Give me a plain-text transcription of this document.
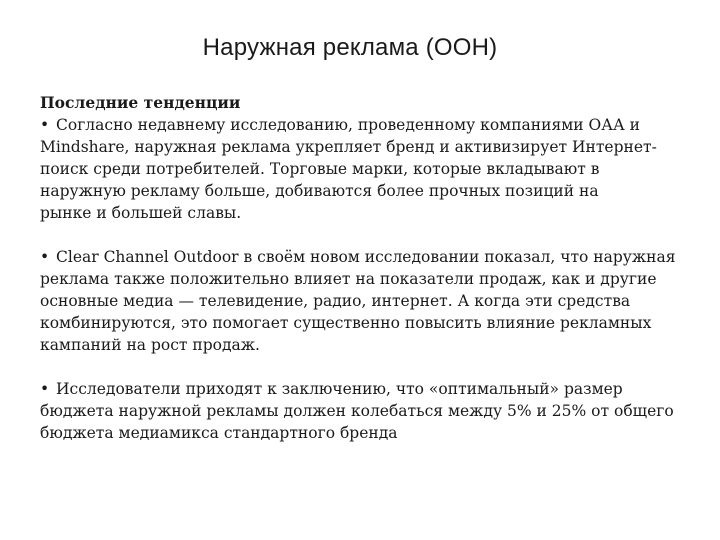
Наружная реклама (ООН)

Последние тенденции

• Согласно недавнему исследованию, проведенному компаниями ОАА и
Mindshare, наружная реклама укрепляет бренд и активизирует Интернет-
поиск среди потребителей. Торговые марки, которые вкладывают в
наружную рекламу больше, добиваются более прочных позиций на
рынке и большей славы.

• Clear Channel Outdoor в своём новом исследовании показал, что наружная
реклама также положительно влияет на показатели продаж, как и другие
основные медиа — телевидение, радио, интернет. А когда эти средства
комбинируются, это помогает существенно повысить влияние рекламных
кампаний на рост продаж.

• Исследователи приходят к заключению, что «оптимальный» размер
бюджета наружной рекламы должен колебаться между 5% и 25% от общего
бюджета медиамикса стандартного бренда
